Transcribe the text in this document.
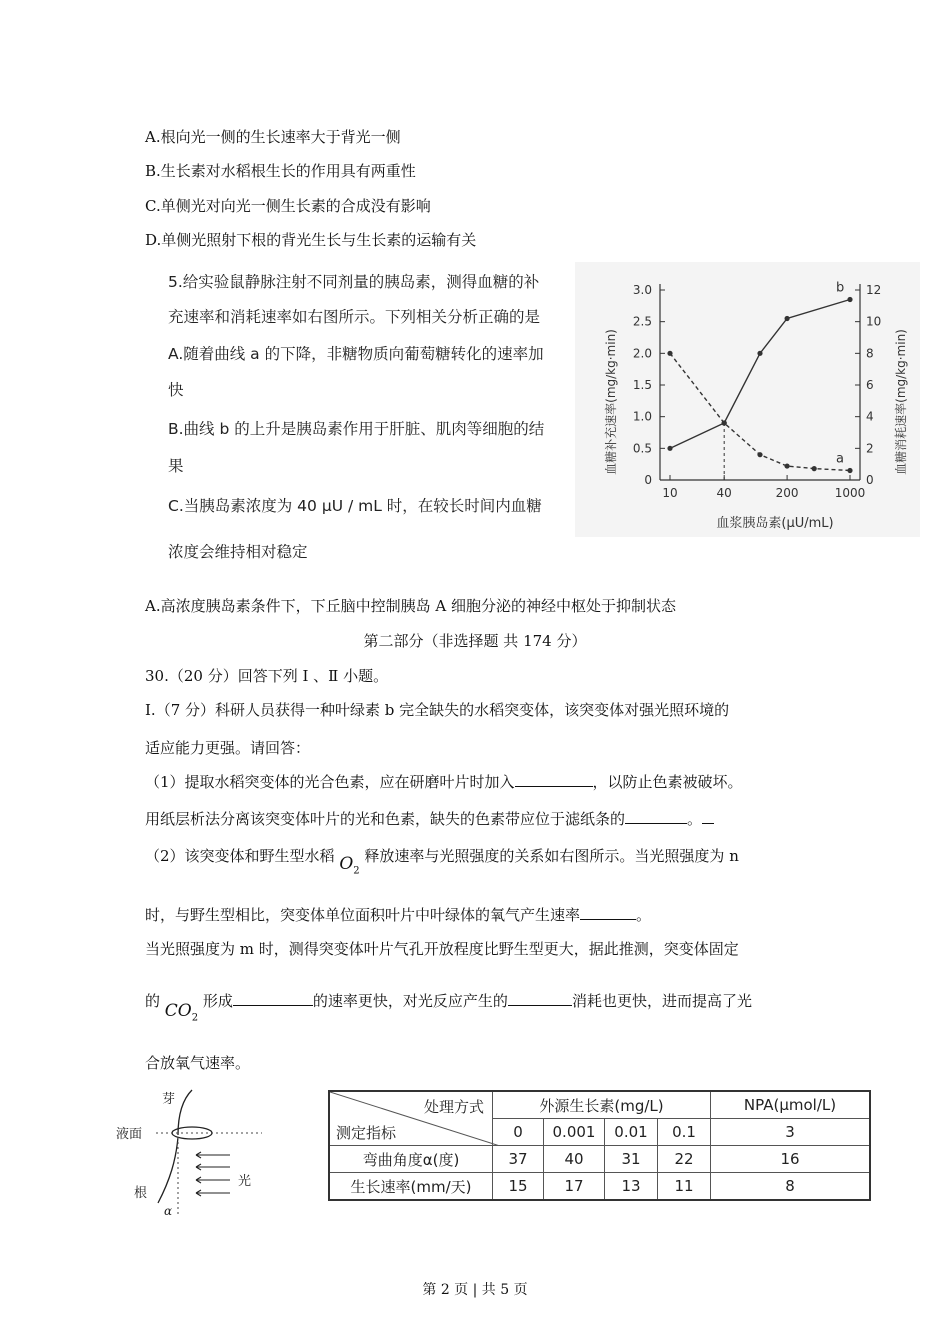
A.根向光一侧的生长速率大于背光一侧
B.生长素对水稻根生长的作用具有两重性
C.单侧光对向光一侧生长素的合成没有影响
D.单侧光照射下根的背光生长与生长素的运输有关
5.给实验鼠静脉注射不同剂量的胰岛素，测得血糖的补
充速率和消耗速率如右图所示。下列相关分析正确的是
A.随着曲线 a 的下降，非糖物质向葡萄糖转化的速率加
快
B.曲线 b 的上升是胰岛素作用于肝脏、肌肉等细胞的结
果
C.当胰岛素浓度为 40 μU / mL 时，在较长时间内血糖
浓度会维持相对稳定
0
0.5
1.0
1.5
2.0
2.5
3.0
0
2
4
6
8
10
12
10	40	200	1000
a
b
血糖补充速率(mg/kg·min)	血糖消耗速率(mg/kg·min)
血浆胰岛素(μU/mL)
A.高浓度胰岛素条件下，下丘脑中控制胰岛 A 细胞分泌的神经中枢处于抑制状态
第二部分（非选择题 共 174 分）
30.（20 分）回答下列 Ⅰ 、Ⅱ 小题。
Ⅰ.（7 分）科研人员获得一种叶绿素 b 完全缺失的水稻突变体，该突变体对强光照环境的
适应能力更强。请回答：
（1）提取水稻突变体的光合色素，应在研磨叶片时加入	，以防止色素被破坏。
用纸层析法分离该突变体叶片的光和色素，缺失的色素带应位于滤纸条的	。
（2）该突变体和野生型水稻 $O_2$ 释放速率与光照强度的关系如右图所示。当光照强度为 n
时，与野生型相比，突变体单位面积叶片中叶绿体的氧气产生速率	。
当光照强度为 m 时，测得突变体叶片气孔开放程度比野生型更大，据此推测，突变体固定
的 $CO_2$ 形成	的速率更快，对光反应产生的	消耗也更快，进而提高了光
合放氧气速率。
芽
液面
根
光
α
处理方式
测定指标	外源生长素(mg/L)				NPA(μmol/L)
	0	0.001	0.01	0.1	3
弯曲角度α(度)	37	40	31	22	16
生长速率(mm/天)	15	17	13	11	8
第 2 页 | 共 5 页
